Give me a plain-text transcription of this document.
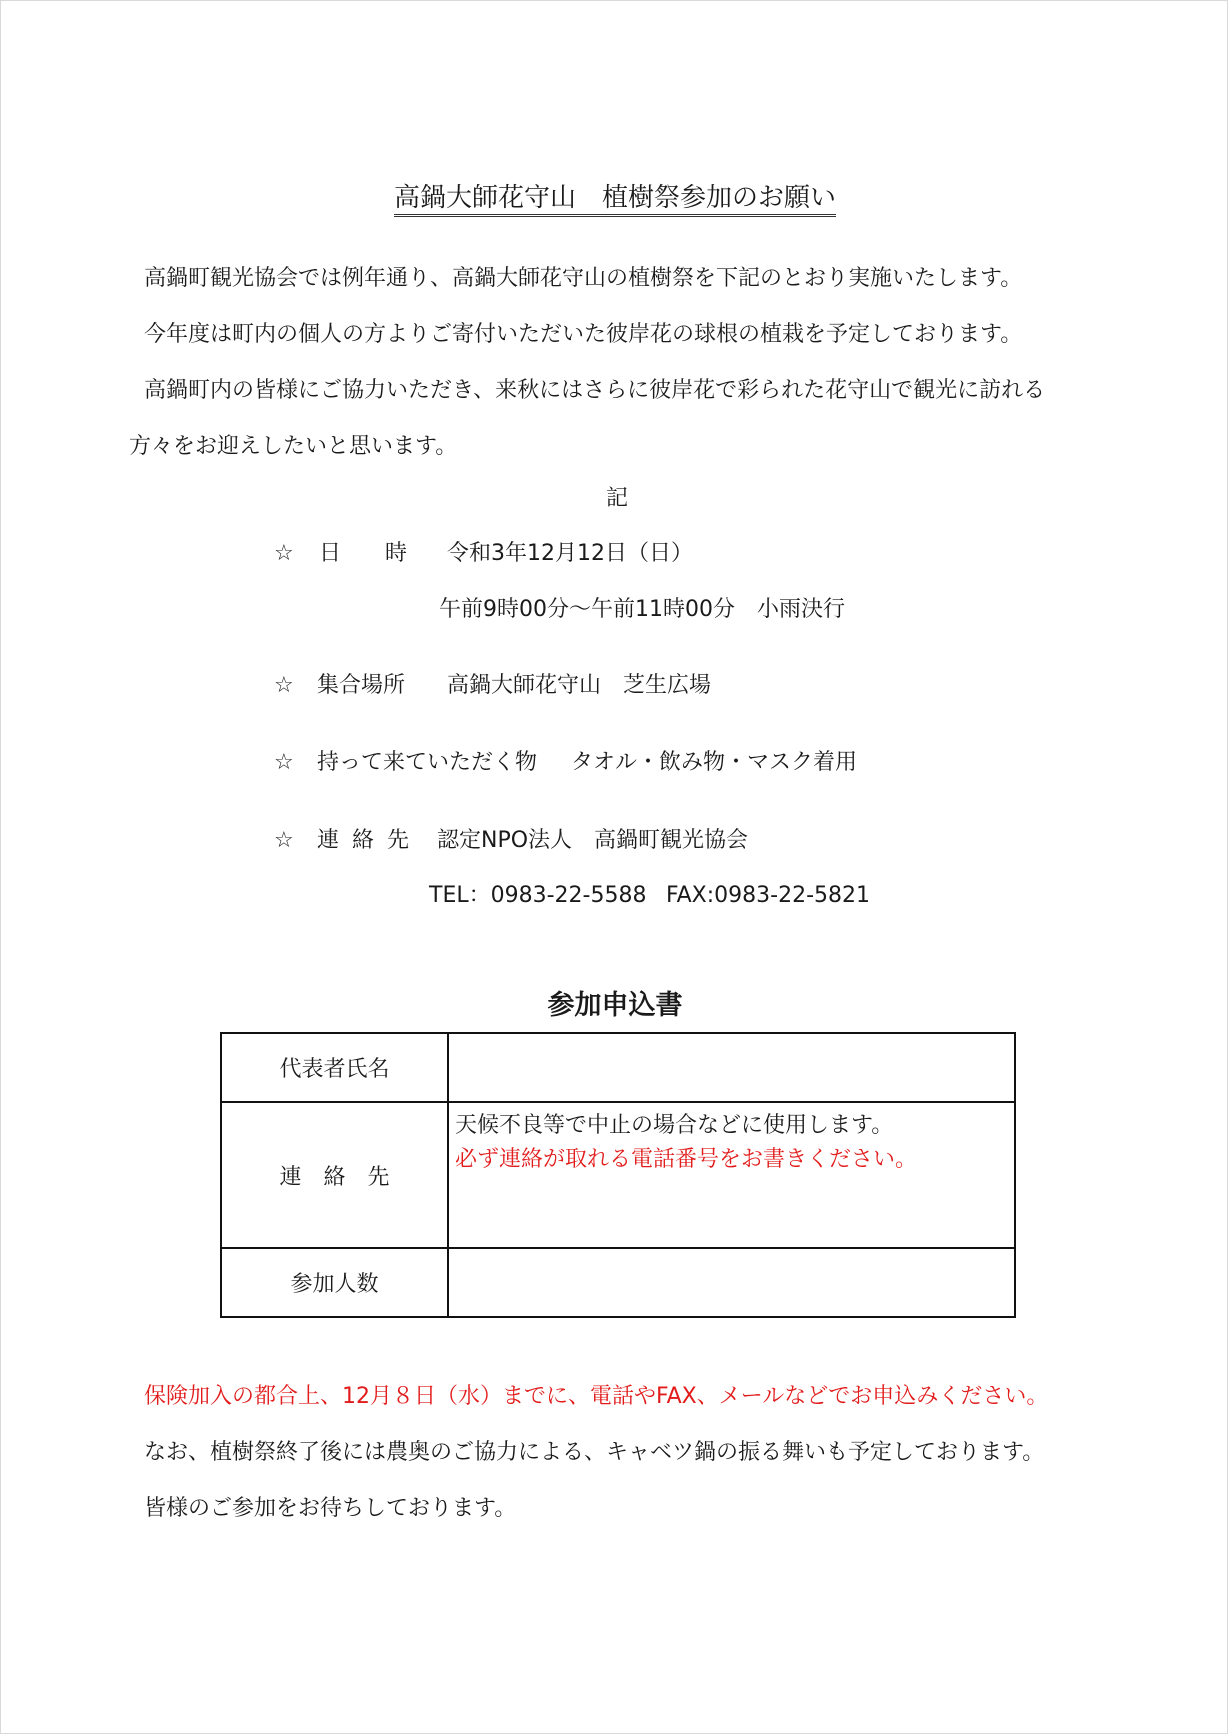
高鍋大師花守山　植樹祭参加のお願い
高鍋町観光協会では例年通り、高鍋大師花守山の植樹祭を下記のとおり実施いたします。
今年度は町内の個人の方よりご寄付いただいた彼岸花の球根の植栽を予定しております。
高鍋町内の皆様にご協力いただき、来秋にはさらに彼岸花で彩られた花守山で観光に訪れる
方々をお迎えしたいと思います。
記
☆ 日　　時 令和3年12月12日（日）
午前9時00分～午前11時00分　小雨決行
☆ 集合場所 高鍋大師花守山　芝生広場
☆ 持って来ていただく物 タオル・飲み物・マスク着用
☆ 連 絡 先 認定NPO法人　高鍋町観光協会
TEL：0983-22-5588 FAX:0983-22-5821
参加申込書
代表者氏名	
連　絡　先	天候不良等で中止の場合などに使用します。
必ず連絡が取れる電話番号をお書きください。

参加人数	
保険加入の都合上、12月８日（水）までに、電話やFAX、メールなどでお申込みください。
なお、植樹祭終了後には農奥のご協力による、キャベツ鍋の振る舞いも予定しております。
皆様のご参加をお待ちしております。
